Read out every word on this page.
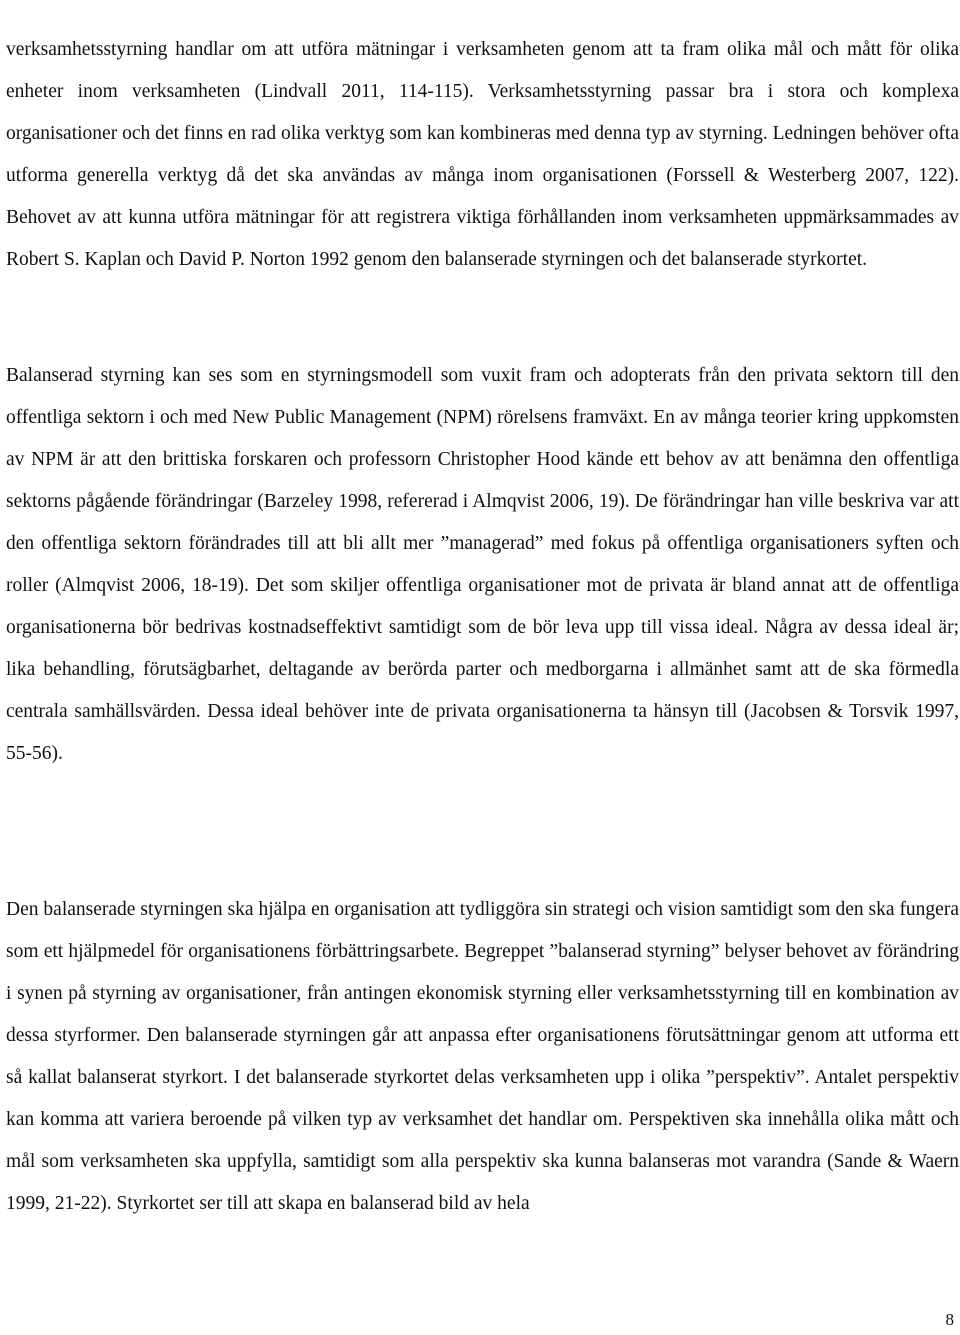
verksamhetsstyrning handlar om att utföra mätningar i verksamheten genom att ta fram olika mål och mått för olika enheter inom verksamheten (Lindvall 2011, 114-115). Verksamhetsstyrning passar bra i stora och komplexa organisationer och det finns en rad olika verktyg som kan kombineras med denna typ av styrning. Ledningen behöver ofta utforma generella verktyg då det ska användas av många inom organisationen (Forssell & Westerberg 2007, 122). Behovet av att kunna utföra mätningar för att registrera viktiga förhållanden inom verksamheten uppmärksammades av Robert S. Kaplan och David P. Norton 1992 genom den balanserade styrningen och det balanserade styrkortet.

Balanserad styrning kan ses som en styrningsmodell som vuxit fram och adopterats från den privata sektorn till den offentliga sektorn i och med New Public Management (NPM) rörelsens framväxt. En av många teorier kring uppkomsten av NPM är att den brittiska forskaren och professorn Christopher Hood kände ett behov av att benämna den offentliga sektorns pågående förändringar (Barzeley 1998, refererad i Almqvist 2006, 19). De förändringar han ville beskriva var att den offentliga sektorn förändrades till att bli allt mer ”managerad” med fokus på offentliga organisationers syften och roller (Almqvist 2006, 18-19). Det som skiljer offentliga organisationer mot de privata är bland annat att de offentliga organisationerna bör bedrivas kostnadseffektivt samtidigt som de bör leva upp till vissa ideal. Några av dessa ideal är; lika behandling, förutsägbarhet, deltagande av berörda parter och medborgarna i allmänhet samt att de ska förmedla centrala samhällsvärden. Dessa ideal behöver inte de privata organisationerna ta hänsyn till (Jacobsen & Torsvik 1997, 55-56).

Den balanserade styrningen ska hjälpa en organisation att tydliggöra sin strategi och vision samtidigt som den ska fungera som ett hjälpmedel för organisationens förbättringsarbete. Begreppet ”balanserad styrning” belyser behovet av förändring i synen på styrning av organisationer, från antingen ekonomisk styrning eller verksamhetsstyrning till en kombination av dessa styrformer. Den balanserade styrningen går att anpassa efter organisationens förutsättningar genom att utforma ett så kallat balanserat styrkort. I det balanserade styrkortet delas verksamheten upp i olika ”perspektiv”. Antalet perspektiv kan komma att variera beroende på vilken typ av verksamhet det handlar om. Perspektiven ska innehålla olika mått och mål som verksamheten ska uppfylla, samtidigt som alla perspektiv ska kunna balanseras mot varandra (Sande & Waern 1999, 21-22). Styrkortet ser till att skapa en balanserad bild av hela

8
